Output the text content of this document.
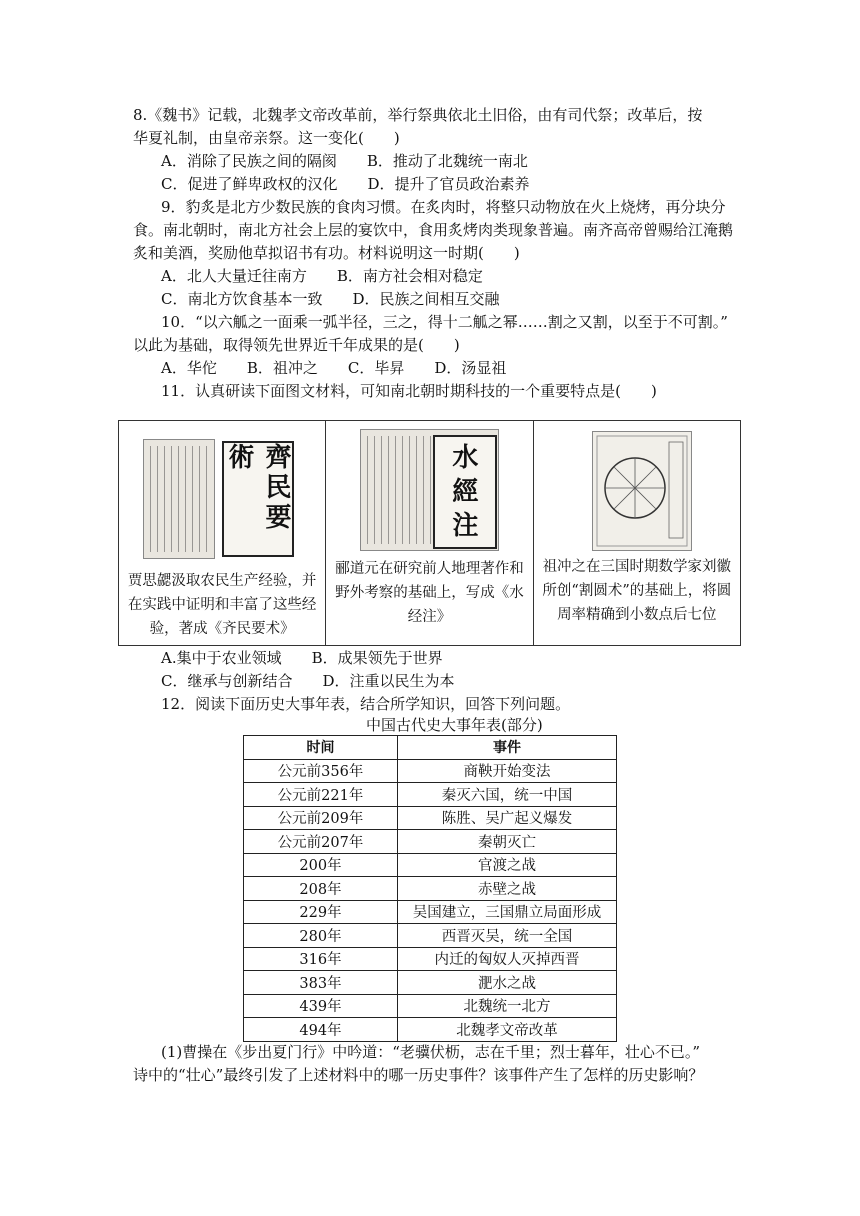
8.《魏书》记载，北魏孝文帝改革前，举行祭典依北土旧俗，由有司代祭；改革后，按
华夏礼制，由皇帝亲祭。这一变化(　　)
A．消除了民族之间的隔阂　　B．推动了北魏统一南北
C．促进了鲜卑政权的汉化　　D．提升了官员政治素养
9．豹炙是北方少数民族的食肉习惯。在炙肉时，将整只动物放在火上烧烤，再分块分
食。南北朝时，南北方社会上层的宴饮中，食用炙烤肉类现象普遍。南齐高帝曾赐给江淹鹅
炙和美酒，奖励他草拟诏书有功。材料说明这一时期(　　)
A．北人大量迁往南方　　B．南方社会相对稳定
C．南北方饮食基本一致　　D．民族之间相互交融
10．“以六觚之一面乘一弧半径，三之，得十二觚之幂……割之又割，以至于不可割。”
以此为基础，取得领先世界近千年成果的是(　　)
A．华佗　　B．祖冲之　　C．毕昇　　D．汤显祖
11．认真研读下面图文材料，可知南北朝时期科技的一个重要特点是(　　)
齊民要術
贾思勰汲取农民生产经验，并在实践中证明和丰富了这些经验，著成《齐民要术》
水
經
注
郦道元在研究前人地理著作和野外考察的基础上，写成《水经注》
祖冲之在三国时期数学家刘徽所创“割圆术”的基础上，将圆周率精确到小数点后七位
A.集中于农业领域　　B．成果领先于世界
C．继承与创新结合　　D．注重以民生为本
12．阅读下面历史大事年表，结合所学知识，回答下列问题。
中国古代史大事年表(部分)
时间	事件
公元前356年	商鞅开始变法
公元前221年	秦灭六国，统一中国
公元前209年	陈胜、吴广起义爆发
公元前207年	秦朝灭亡
200年	官渡之战
208年	赤壁之战
229年	吴国建立，三国鼎立局面形成
280年	西晋灭吴，统一全国
316年	内迁的匈奴人灭掉西晋
383年	淝水之战
439年	北魏统一北方
494年	北魏孝文帝改革
(1)曹操在《步出夏门行》中吟道：“老骥伏枥，志在千里；烈士暮年，壮心不已。”
诗中的“壮心”最终引发了上述材料中的哪一历史事件？该事件产生了怎样的历史影响？
